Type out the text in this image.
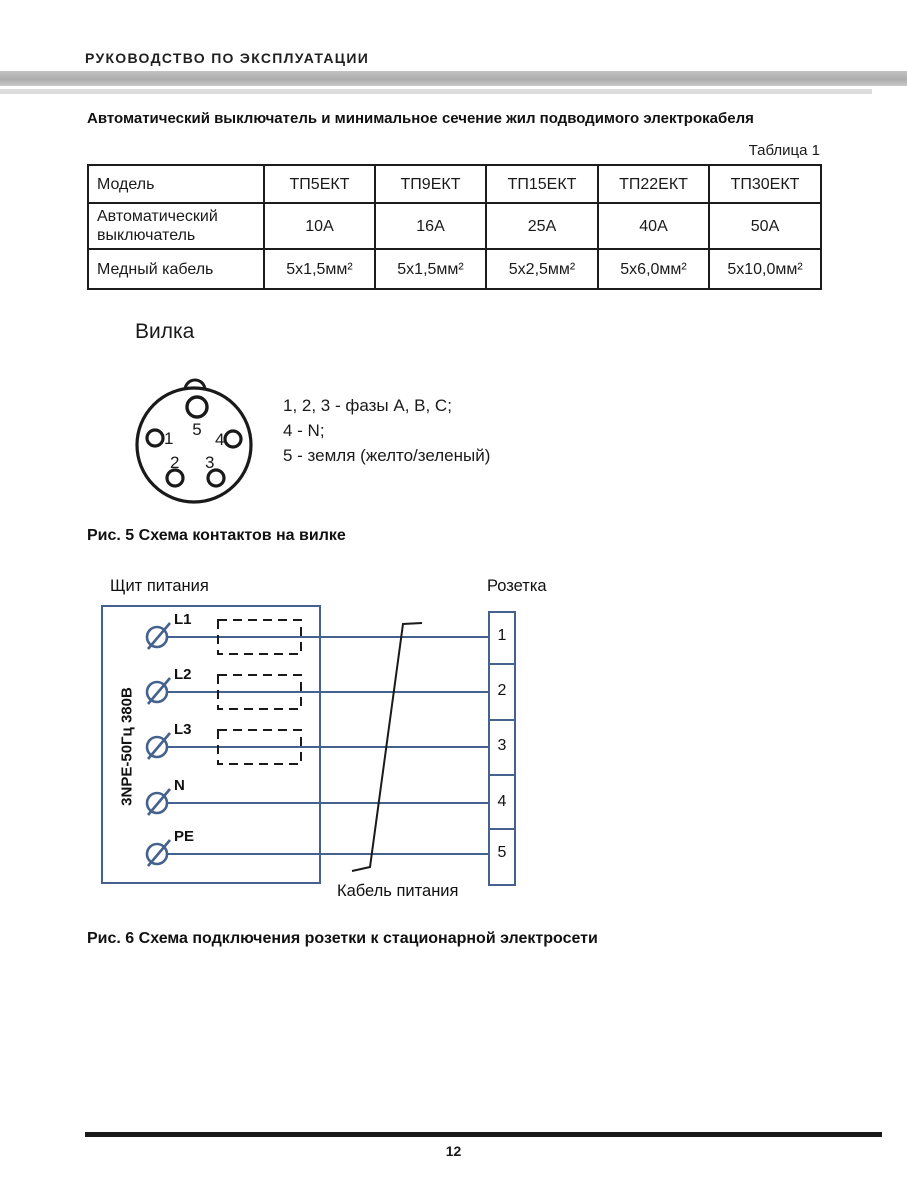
РУКОВОДСТВО ПО ЭКСПЛУАТАЦИИ
Автоматический выключатель и минимальное сечение жил подводимого электрокабеля
Таблица 1
Модель	ТП5ЕКТ	ТП9ЕКТ	ТП15ЕКТ	ТП22ЕКТ	ТП30ЕКТ
Автоматический выключатель	10А	16А	25А	40А	50А
Медный кабель	5х1,5мм²	5х1,5мм²	5х2,5мм²	5х6,0мм²	5х10,0мм²
Вилка
5
1 4
2 3
1, 2, 3 - фазы А, В, С;
4 - N;
5 - земля (желто/зеленый)
Рис. 5 Схема контактов на вилке
Щит питания	Розетка
3NPE-50Гц 380В
L1
L2
L3
N
PE
1
2
3
4
5
Кабель питания
Рис. 6 Схема подключения розетки к стационарной электросети
12
